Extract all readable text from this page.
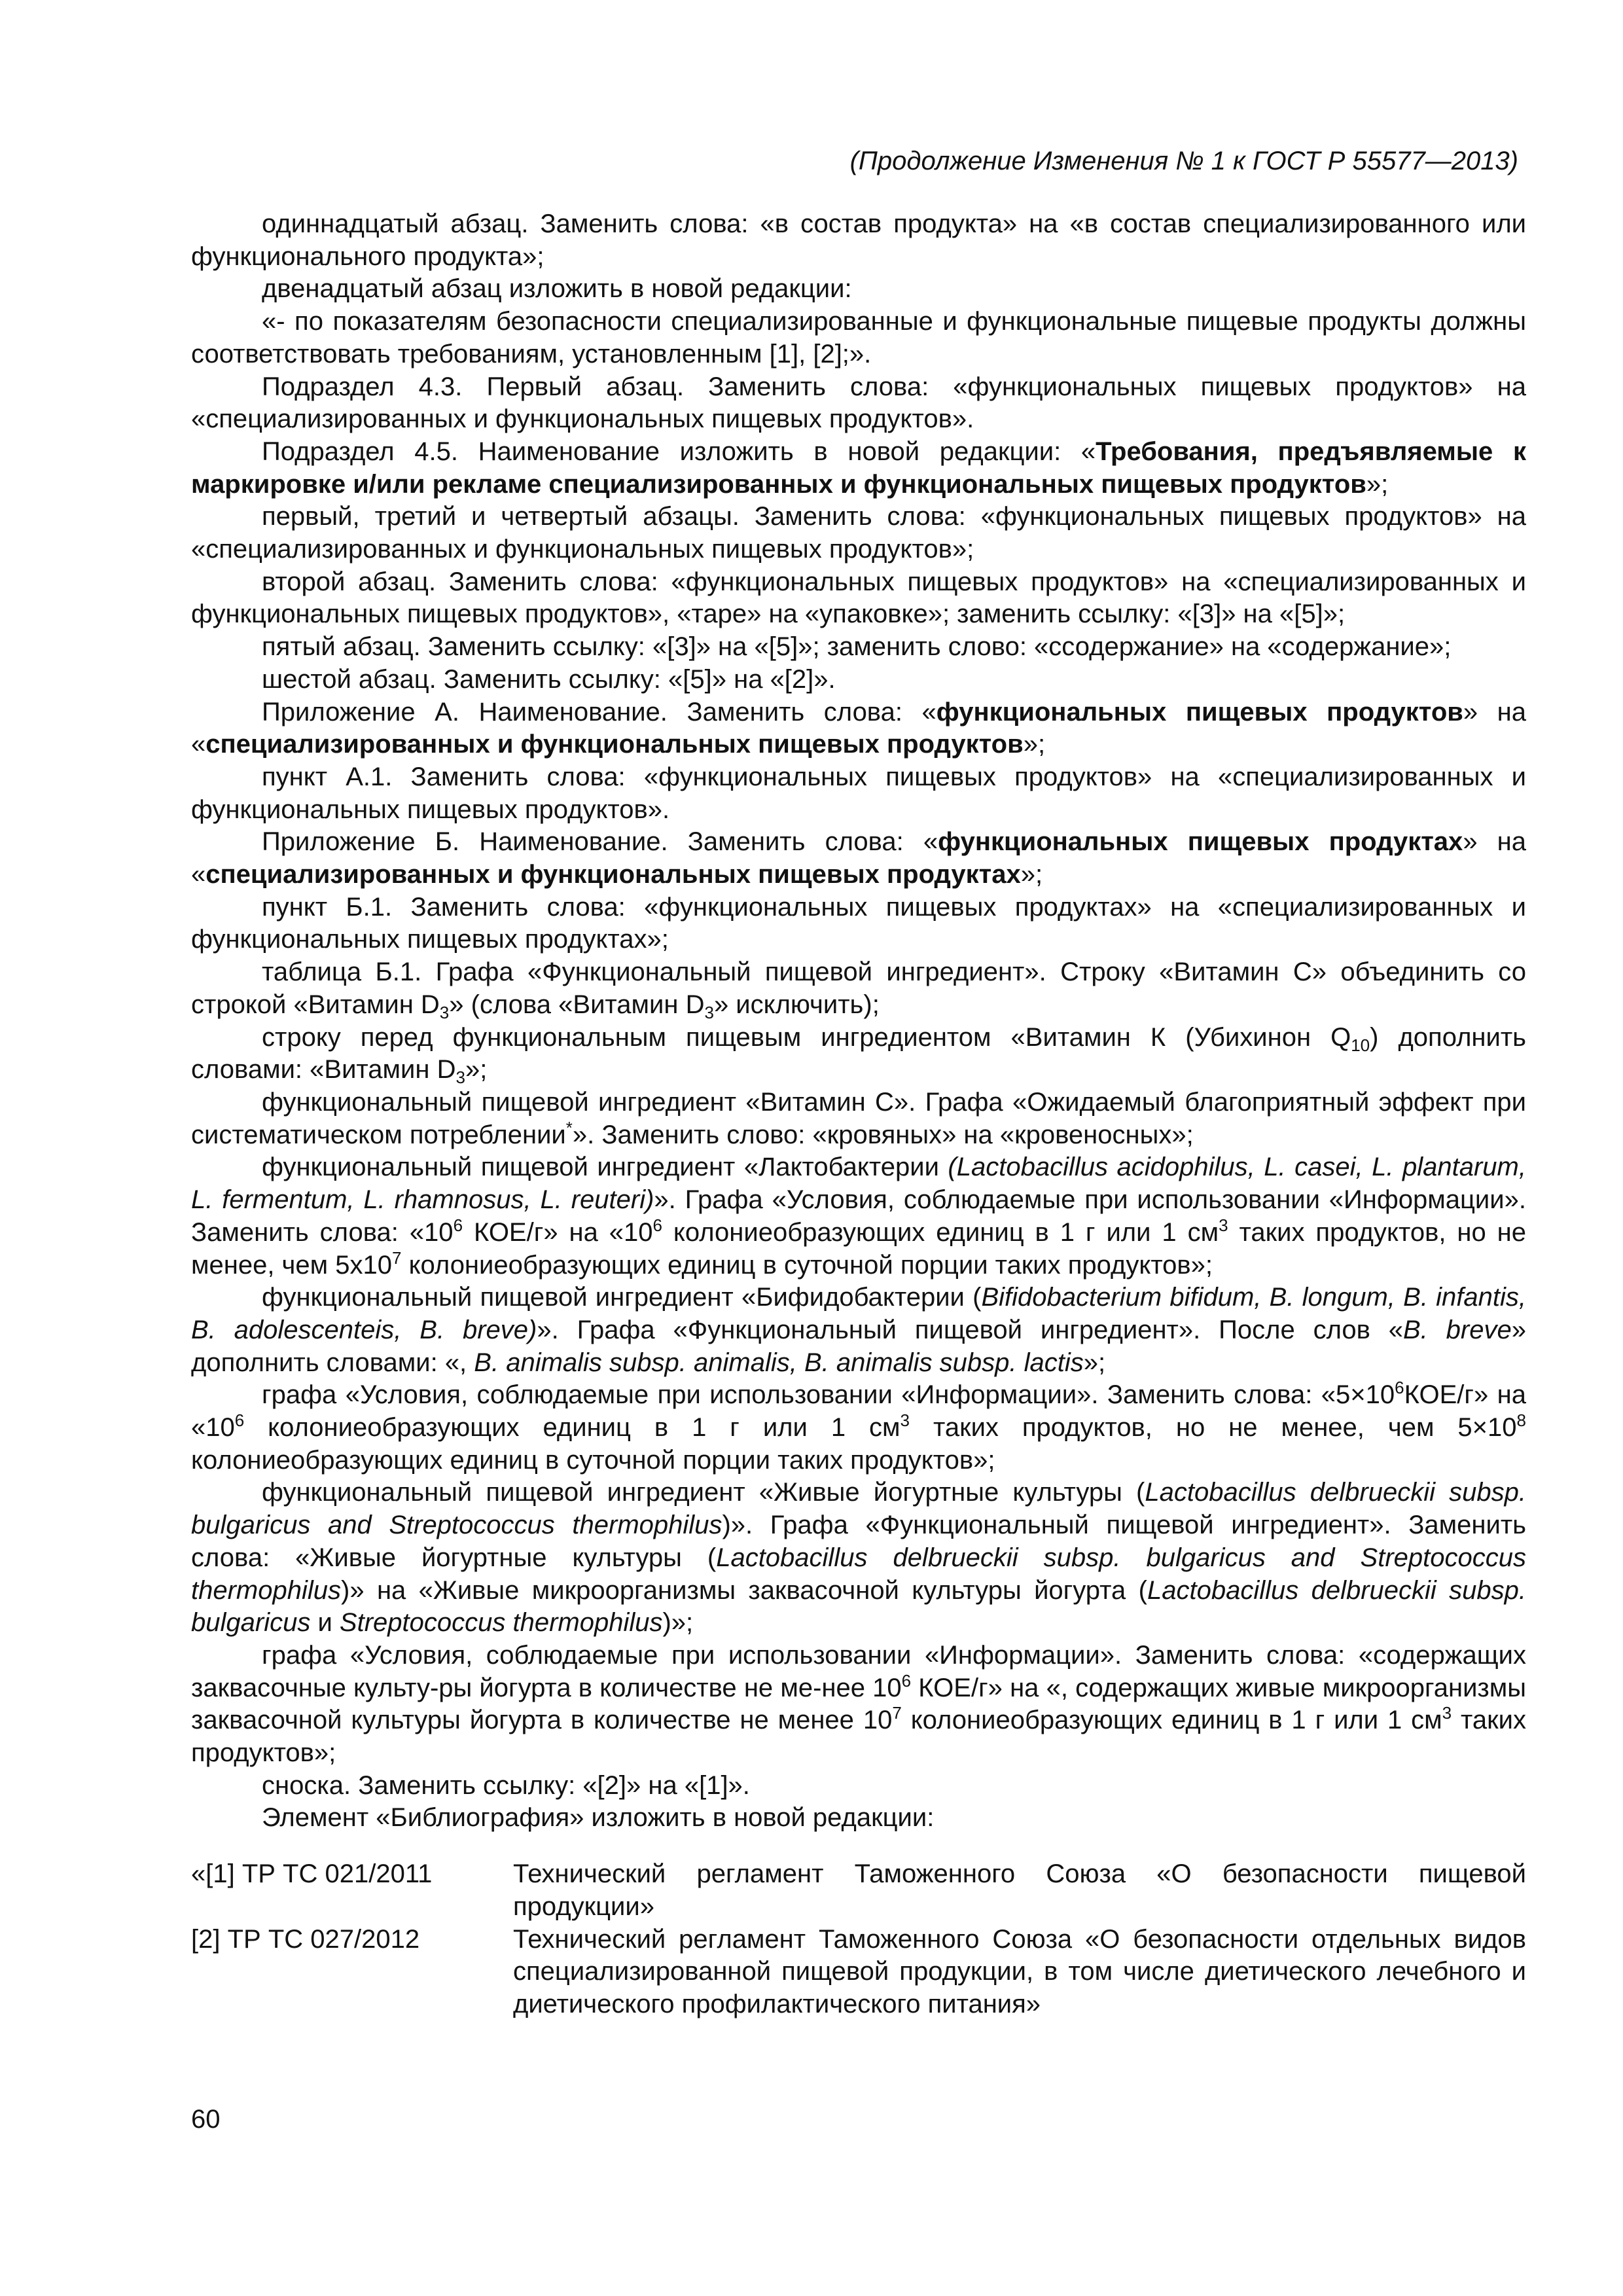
(Продолжение Изменения № 1 к ГОСТ Р 55577—2013)

одиннадцатый абзац. Заменить слова: «в состав продукта» на «в состав специализированного или функционального продукта»;

двенадцатый абзац изложить в новой редакции:

«- по показателям безопасности специализированные и функциональные пищевые продукты должны соответствовать требованиям, установленным [1], [2];».

Подраздел 4.3. Первый абзац. Заменить слова: «функциональных пищевых продуктов» на «специализированных и функциональных пищевых продуктов».

Подраздел 4.5. Наименование изложить в новой редакции: «Требования, предъявляемые к маркировке и/или рекламе специализированных и функциональных пищевых продуктов»;

первый, третий и четвертый абзацы. Заменить слова: «функциональных пищевых продуктов» на «специализированных и функциональных пищевых продуктов»;

второй абзац. Заменить слова: «функциональных пищевых продуктов» на «специализированных и функциональных пищевых продуктов», «таре» на «упаковке»; заменить ссылку: «[3]» на «[5]»;

пятый абзац. Заменить ссылку: «[3]» на «[5]»; заменить слово: «ссодержание» на «содержание»;

шестой абзац. Заменить ссылку: «[5]» на «[2]».

Приложение А. Наименование. Заменить слова: «функциональных пищевых продуктов» на «специализированных и функциональных пищевых продуктов»;

пункт А.1. Заменить слова: «функциональных пищевых продуктов» на «специализированных и функциональных пищевых продуктов».

Приложение Б. Наименование. Заменить слова: «функциональных пищевых продуктах» на «специализированных и функциональных пищевых продуктах»;

пункт Б.1. Заменить слова: «функциональных пищевых продуктах» на «специализированных и функциональных пищевых продуктах»;

таблица Б.1. Графа «Функциональный пищевой ингредиент». Строку «Витамин С» объединить со строкой «Витамин $D_3$» (слова «Витамин $D_3$» исключить);

строку перед функциональным пищевым ингредиентом «Витамин К (Убихинон $Q_{10}$) дополнить словами: «Витамин $D_3$»;

функциональный пищевой ингредиент «Витамин С». Графа «Ожидаемый благоприятный эффект при систематическом потреблении*». Заменить слово: «кровяных» на «кровеносных»;

функциональный пищевой ингредиент «Лактобактерии (Lactobacillus acidophilus, L. casei, L. plantarum, L. fermentum, L. rhamnosus, L. reuteri)». Графа «Условия, соблюдаемые при использовании «Информации». Заменить слова: «$10^6$ КОЕ/г» на «$10^6$ колониеобразующих единиц в 1 г или 1 $см^3$ таких продуктов, но не менее, чем $5х10^7$ колониеобразующих единиц в суточной порции таких продуктов»;

функциональный пищевой ингредиент «Бифидобактерии (Bifidobacterium bifidum, B. longum, B. infantis, B. adolescenteis, B. breve)». Графа «Функциональный пищевой ингредиент». После слов «B. breve» дополнить словами: «, B. animalis subsp. animalis, B. animalis subsp. lactis»;

графа «Условия, соблюдаемые при использовании «Информации». Заменить слова: «$5\times 10^6КОЕ/г$» на «$10^6$ колониеобразующих единиц в 1 г или 1 $см^3$ таких продуктов, но не менее, чем $5\times 10^8$ колониеобразующих единиц в суточной порции таких продуктов»;

функциональный пищевой ингредиент «Живые йогуртные культуры (Lactobacillus delbrueckii subsp. bulgaricus and Streptococcus thermophilus)». Графа «Функциональный пищевой ингредиент». Заменить слова: «Живые йогуртные культуры (Lactobacillus delbrueckii subsp. bulgaricus and Streptococcus thermophilus)» на «Живые микроорганизмы заквасочной культуры йогурта (Lactobacillus delbrueckii subsp. bulgaricus и Streptococcus thermophilus)»;

графа «Условия, соблюдаемые при использовании «Информации». Заменить слова: «содержащих заквасочные культу-ры йогурта в количестве не ме-нее $10^6$ КОЕ/г» на «, содержащих живые микроорганизмы заквасочной культуры йогурта в количестве не менее $10^7$ колониеобразующих единиц в 1 г или 1 $см^3$ таких продуктов»;

сноска. Заменить ссылку: «[2]» на «[1]».

Элемент «Библиография» изложить в новой редакции:

«[1] ТР ТС 021/2011	Технический регламент Таможенного Союза «О безопасности пищевой продукции»
[2] ТР ТС 027/2012	Технический регламент Таможенного Союза «О безопасности отдельных видов специализированной пищевой продукции, в том числе диетического лечебного и диетического профилактического питания»
60
